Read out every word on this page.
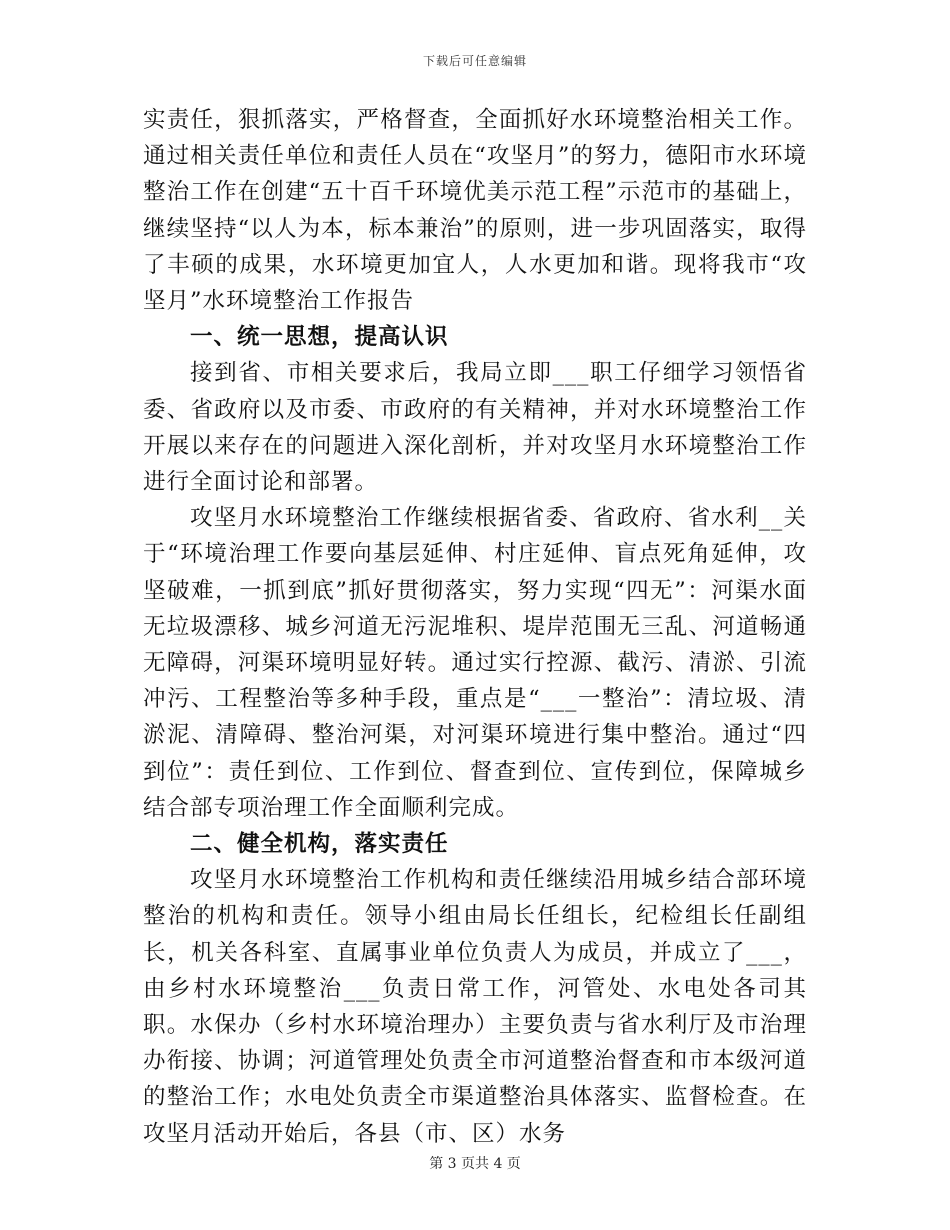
下载后可任意编辑

实责任，狠抓落实，严格督查，全面抓好水环境整治相关工作。通过相关责任单位和责任人员在“攻坚月”的努力，德阳市水环境整治工作在创建“五十百千环境优美示范工程”示范市的基础上，继续坚持“以人为本，标本兼治”的原则，进一步巩固落实，取得了丰硕的成果，水环境更加宜人，人水更加和谐。现将我市“攻坚月”水环境整治工作报告

一、统一思想，提高认识

接到省、市相关要求后，我局立即___职工仔细学习领悟省委、省政府以及市委、市政府的有关精神，并对水环境整治工作开展以来存在的问题进入深化剖析，并对攻坚月水环境整治工作进行全面讨论和部署。

攻坚月水环境整治工作继续根据省委、省政府、省水利__关于“环境治理工作要向基层延伸、村庄延伸、盲点死角延伸，攻坚破难，一抓到底”抓好贯彻落实，努力实现“四无”：河渠水面无垃圾漂移、城乡河道无污泥堆积、堤岸范围无三乱、河道畅通无障碍，河渠环境明显好转。通过实行控源、截污、清淤、引流冲污、工程整治等多种手段，重点是“___一整治”：清垃圾、清淤泥、清障碍、整治河渠，对河渠环境进行集中整治。通过“四到位”：责任到位、工作到位、督查到位、宣传到位，保障城乡结合部专项治理工作全面顺利完成。

二、健全机构，落实责任

攻坚月水环境整治工作机构和责任继续沿用城乡结合部环境整治的机构和责任。领导小组由局长任组长，纪检组长任副组长，机关各科室、直属事业单位负责人为成员，并成立了___，由乡村水环境整治___负责日常工作，河管处、水电处各司其职。水保办（乡村水环境治理办）主要负责与省水利厅及市治理办衔接、协调；河道管理处负责全市河道整治督查和市本级河道的整治工作；水电处负责全市渠道整治具体落实、监督检查。在攻坚月活动开始后，各县（市、区）水务

第 3 页共 4 页
